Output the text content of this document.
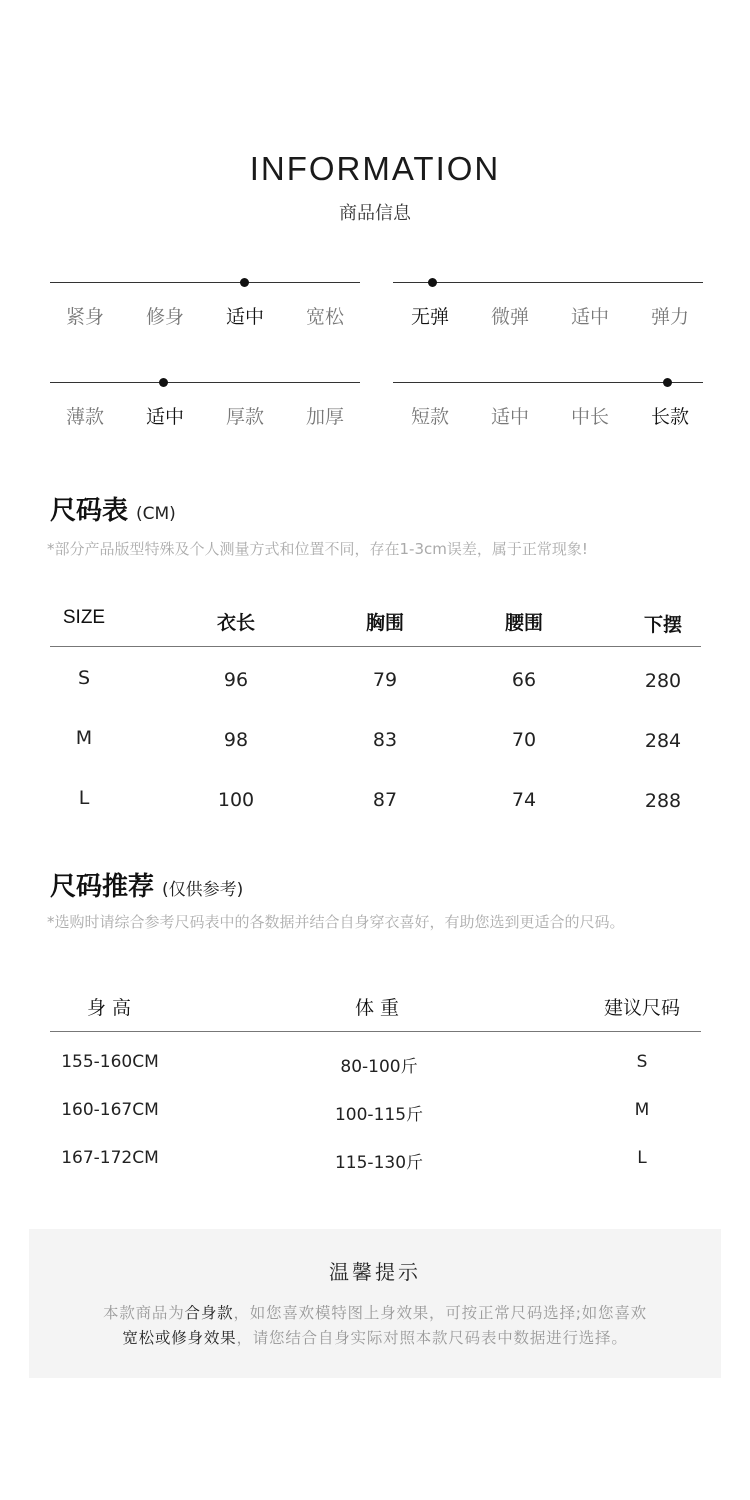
INFORMATION
商品信息
紧身	修身	适中	宽松	无弹	微弹	适中	弹力
薄款	适中	厚款	加厚	短款	适中	中长	长款
尺码表 (CM)
*部分产品版型特殊及个人测量方式和位置不同，存在1-3cm误差，属于正常现象!
SIZE	衣长	胸围	腰围	下摆
S	96	79	66	280
M	98	83	70	284
L	100	87	74	288
尺码推荐 (仅供参考)
*选购时请综合参考尺码表中的各数据并结合自身穿衣喜好，有助您选到更适合的尺码。
身 高	体 重	建议尺码
155-160CM	80-100斤	S
160-167CM	100-115斤	M
167-172CM	115-130斤	L
温馨提示
本款商品为合身款，如您喜欢模特图上身效果，可按正常尺码选择;如您喜欢
宽松或修身效果，请您结合自身实际对照本款尺码表中数据进行选择。
